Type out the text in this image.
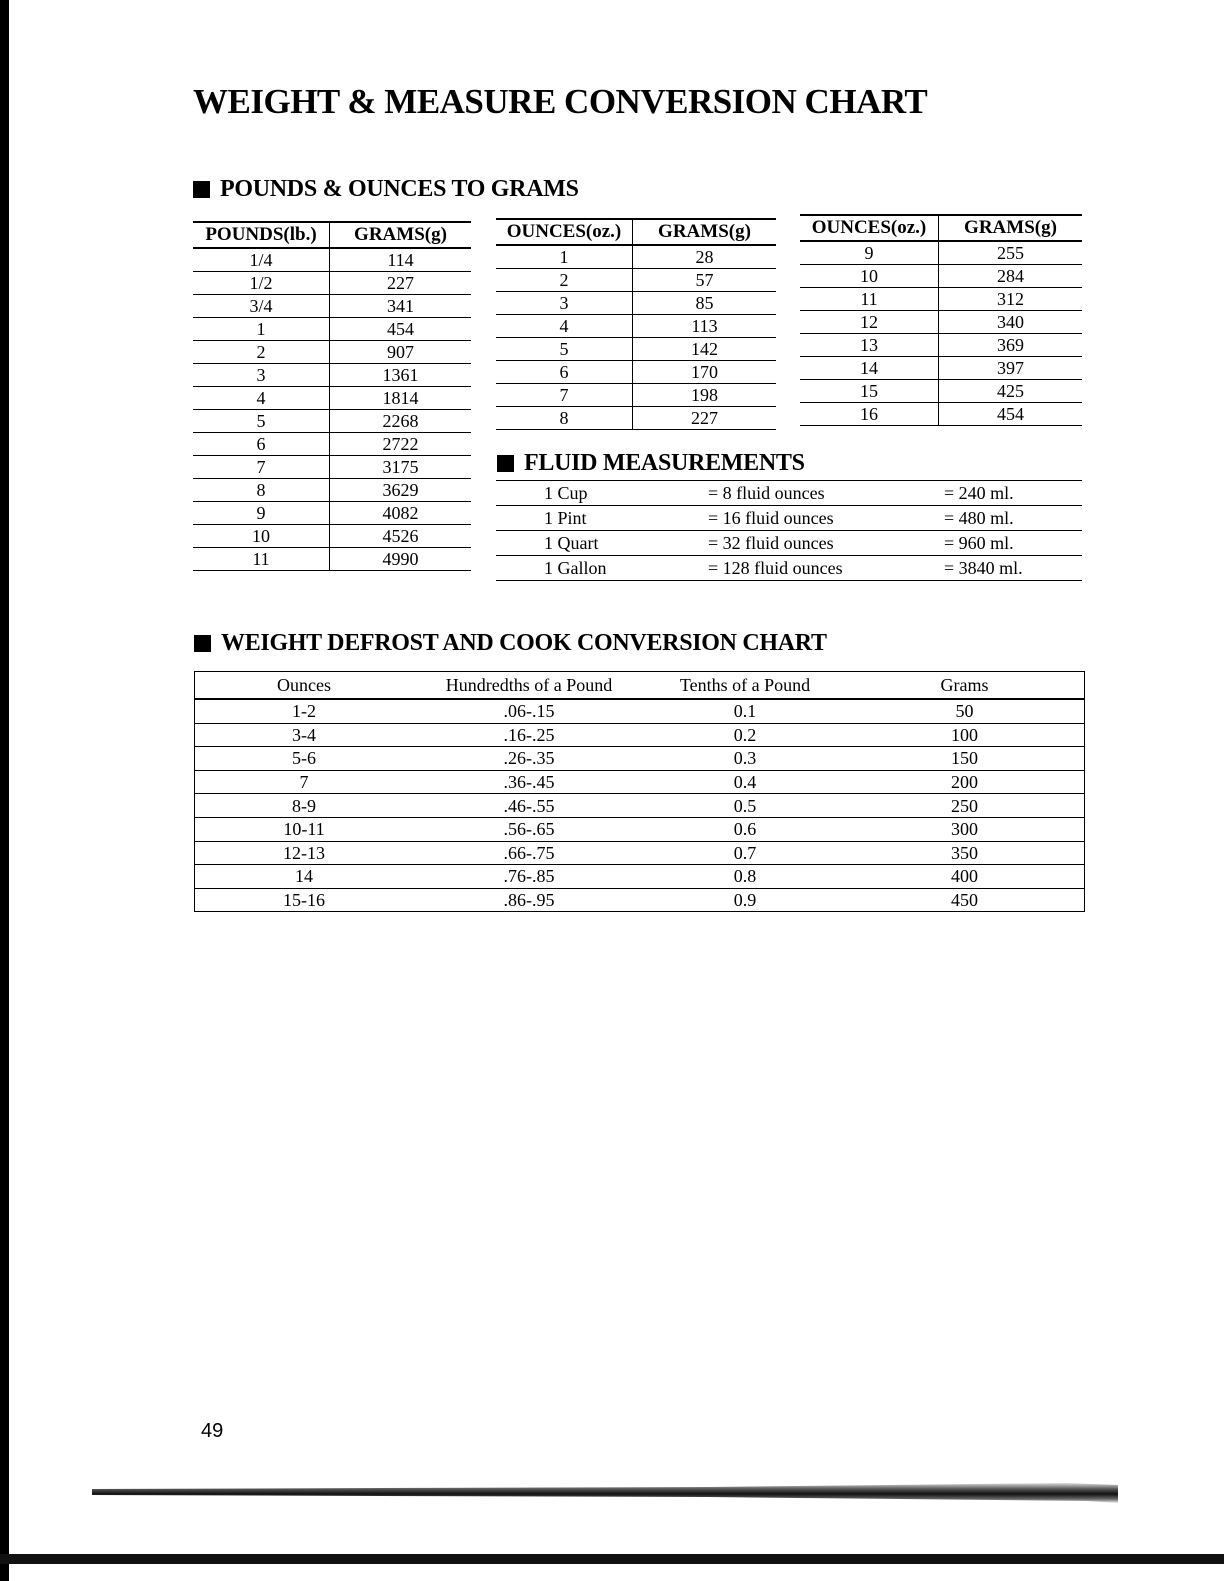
WEIGHT & MEASURE CONVERSION CHART
POUNDS & OUNCES TO GRAMS
POUNDS(lb.)	GRAMS(g)
1/4	114
1/2	227
3/4	341
1	454
2	907
3	1361
4	1814
5	2268
6	2722
7	3175
8	3629
9	4082
10	4526
11	4990
OUNCES(oz.)	GRAMS(g)
1	28
2	57
3	85
4	113
5	142
6	170
7	198
8	227
OUNCES(oz.)	GRAMS(g)
9	255
10	284
11	312
12	340
13	369
14	397
15	425
16	454
FLUID MEASUREMENTS
1 Cup	= 8 fluid ounces	= 240 ml.
1 Pint	= 16 fluid ounces	= 480 ml.
1 Quart	= 32 fluid ounces	= 960 ml.
1 Gallon	= 128 fluid ounces	= 3840 ml.
WEIGHT DEFROST AND COOK CONVERSION CHART
Ounces	Hundredths of a Pound	Tenths of a Pound	Grams
1-2	.06-.15	0.1	50
3-4	.16-.25	0.2	100
5-6	.26-.35	0.3	150
7	.36-.45	0.4	200
8-9	.46-.55	0.5	250
10-11	.56-.65	0.6	300
12-13	.66-.75	0.7	350
14	.76-.85	0.8	400
15-16	.86-.95	0.9	450
49
